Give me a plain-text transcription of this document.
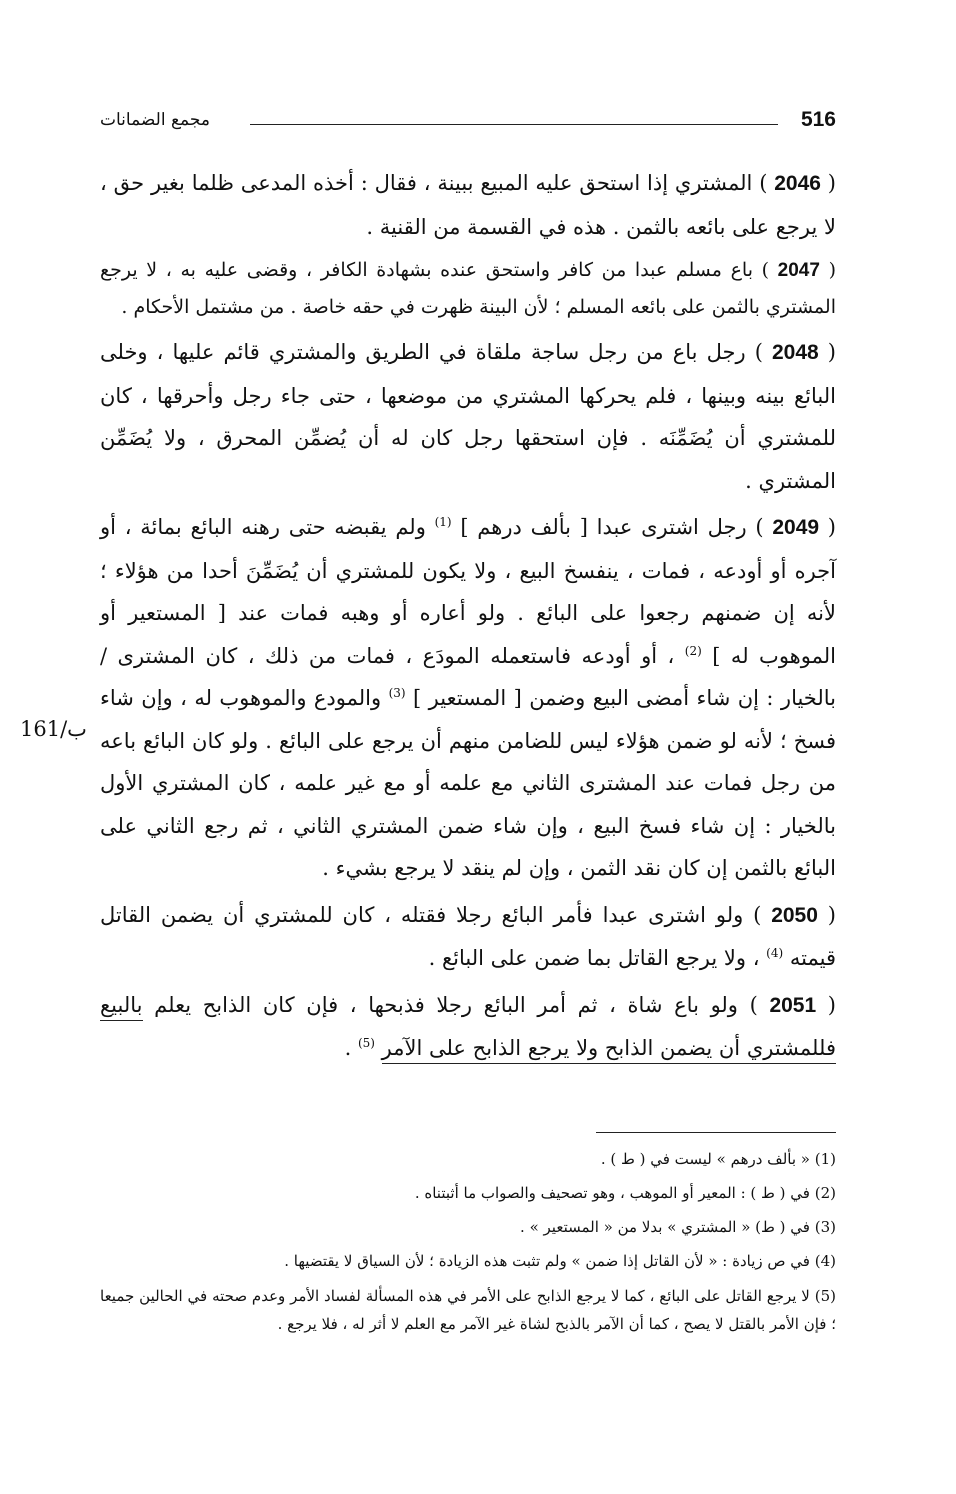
516
مجمع الضمانات
161/ب

( 2046 ) المشتري إذا استحق عليه المبيع ببينة ، فقال : أخذه المدعى ظلما بغير حق ، لا يرجع على بائعه بالثمن . هذه في القسمة من القنية .

( 2047 ) باع مسلم عبدا من كافر واستحق عنده بشهادة الكافر ، وقضى عليه به ، لا يرجع المشتري بالثمن على بائعه المسلم ؛ لأن البينة ظهرت في حقه خاصة . من مشتمل الأحكام .

( 2048 ) رجل باع من رجل ساجة ملقاة في الطريق والمشتري قائم عليها ، وخلى البائع بينه وبينها ، فلم يحركها المشتري من موضعها ، حتى جاء رجل وأحرقها ، كان للمشتري أن يُضَمِّنَه . فإن استحقها رجل كان له أن يُضمِّن المحرق ، ولا يُضَمِّن المشتري .

( 2049 ) رجل اشترى عبدا [ بألف درهم ] $^{(1)}$ ولم يقبضه حتى رهنه البائع بمائة ، أو آجره أو أودعه ، فمات ، ينفسخ البيع ، ولا يكون للمشتري أن يُضَمِّنَ أحدا من هؤلاء ؛ لأنه إن ضمنهم رجعوا على البائع . ولو أعاره أو وهبه فمات عند [ المستعير أو الموهوب له ] $^{(2)}$ ، أو أودعه فاستعمله المودَع ، فمات من ذلك ، كان المشترى / بالخيار : إن شاء أمضى البيع وضمن [ المستعير ] $^{(3)}$ والمودع والموهوب له ، وإن شاء فسخ ؛ لأنه لو ضمن هؤلاء ليس للضامن منهم أن يرجع على البائع . ولو كان البائع باعه من رجل فمات عند المشترى الثاني مع علمه أو مع غير علمه ، كان المشتري الأول بالخيار : إن شاء فسخ البيع ، وإن شاء ضمن المشتري الثاني ، ثم رجع الثاني على البائع بالثمن إن كان نقد الثمن ، وإن لم ينقد لا يرجع بشيء .

( 2050 ) ولو اشترى عبدا فأمر البائع رجلا فقتله ، كان للمشتري أن يضمن القاتل قيمته $^{(4)}$ ، ولا يرجع القاتل بما ضمن على البائع .

( 2051 ) ولو باع شاة ، ثم أمر البائع رجلا فذبحها ، فإن كان الذابح يعلم بالبيع فللمشتري أن يضمن الذابح ولا يرجع الذابح على الآمر $^{(5)}$ .

(1) « بألف درهم » ليست في ( ط ) .

(2) في ( ط ) : المعير أو الموهب ، وهو تصحيف والصواب ما أثبتناه .

(3) في ( ط) « المشتري » بدلا من « المستعير » .

(4) في ص زيادة : « لأن القاتل إذا ضمن » ولم تثبت هذه الزيادة ؛ لأن السياق لا يقتضيها .

(5) لا يرجع القاتل على البائع ، كما لا يرجع الذابح على الأمر في هذه المسألة لفساد الأمر وعدم صحته في الحالين جميعا ؛ فإن الأمر بالقتل لا يصح ، كما أن الآمر بالذبح لشاة غير الآمر مع العلم لا أثر له ، فلا يرجع .
